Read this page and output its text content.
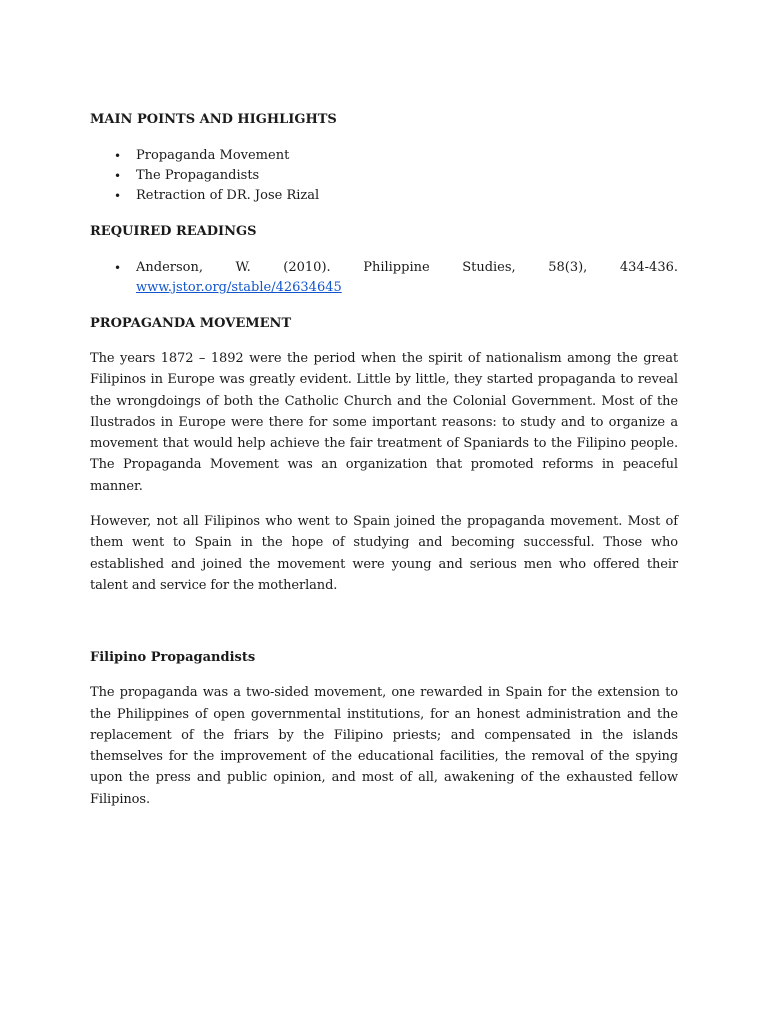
MAIN POINTS AND HIGHLIGHTS
• Propaganda Movement
• The Propagandists
• Retraction of DR. Jose Rizal
REQUIRED READINGS
• Anderson,	W.	(2010).	Philippine	Studies,	58(3),	434-436.
www.jstor.org/stable/42634645
PROPAGANDA MOVEMENT

The years 1872 – 1892 were the period when the spirit of nationalism among the great Filipinos in Europe was greatly evident. Little by little, they started propaganda to reveal the wrongdoings of both the Catholic Church and the Colonial Government. Most of the Ilustrados in Europe were there for some important reasons: to study and to organize a movement that would help achieve the fair treatment of Spaniards to the Filipino people. The Propaganda Movement was an organization that promoted reforms in peaceful manner.

However, not all Filipinos who went to Spain joined the propaganda movement. Most of them went to Spain in the hope of studying and becoming successful. Those who established and joined the movement were young and serious men who offered their talent and service for the motherland.

Filipino Propagandists

The propaganda was a two-sided movement, one rewarded in Spain for the extension to the Philippines of open governmental institutions, for an honest administration and the replacement of the friars by the Filipino priests; and compensated in the islands themselves for the improvement of the educational facilities, the removal of the spying upon the press and public opinion, and most of all, awakening of the exhausted fellow Filipinos.
